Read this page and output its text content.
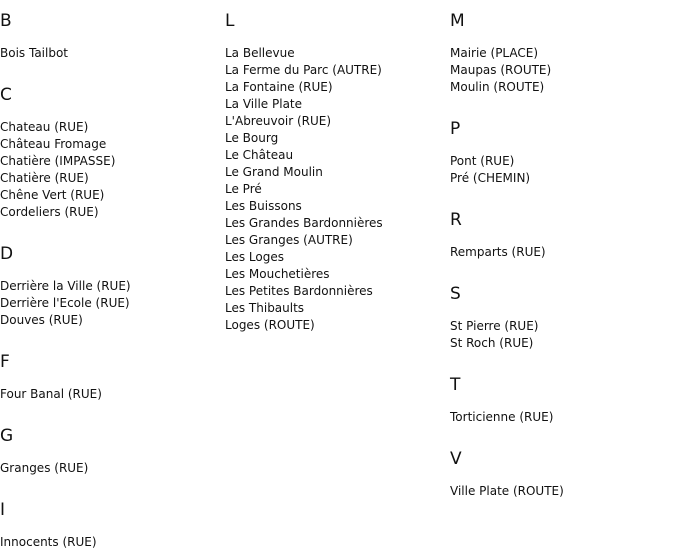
B
Bois Tailbot
C
Chateau (RUE)
Château Fromage
Chatière (IMPASSE)
Chatière (RUE)
Chêne Vert (RUE)
Cordeliers (RUE)
D
Derrière la Ville (RUE)
Derrière l'Ecole (RUE)
Douves (RUE)
F
Four Banal (RUE)
G
Granges (RUE)
I
Innocents (RUE)
L
La Bellevue
La Ferme du Parc (AUTRE)
La Fontaine (RUE)
La Ville Plate
L'Abreuvoir (RUE)
Le Bourg
Le Château
Le Grand Moulin
Le Pré
Les Buissons
Les Grandes Bardonnières
Les Granges (AUTRE)
Les Loges
Les Mouchetières
Les Petites Bardonnières
Les Thibaults
Loges (ROUTE)
M
Mairie (PLACE)
Maupas (ROUTE)
Moulin (ROUTE)
P
Pont (RUE)
Pré (CHEMIN)
R
Remparts (RUE)
S
St Pierre (RUE)
St Roch (RUE)
T
Torticienne (RUE)
V
Ville Plate (ROUTE)
